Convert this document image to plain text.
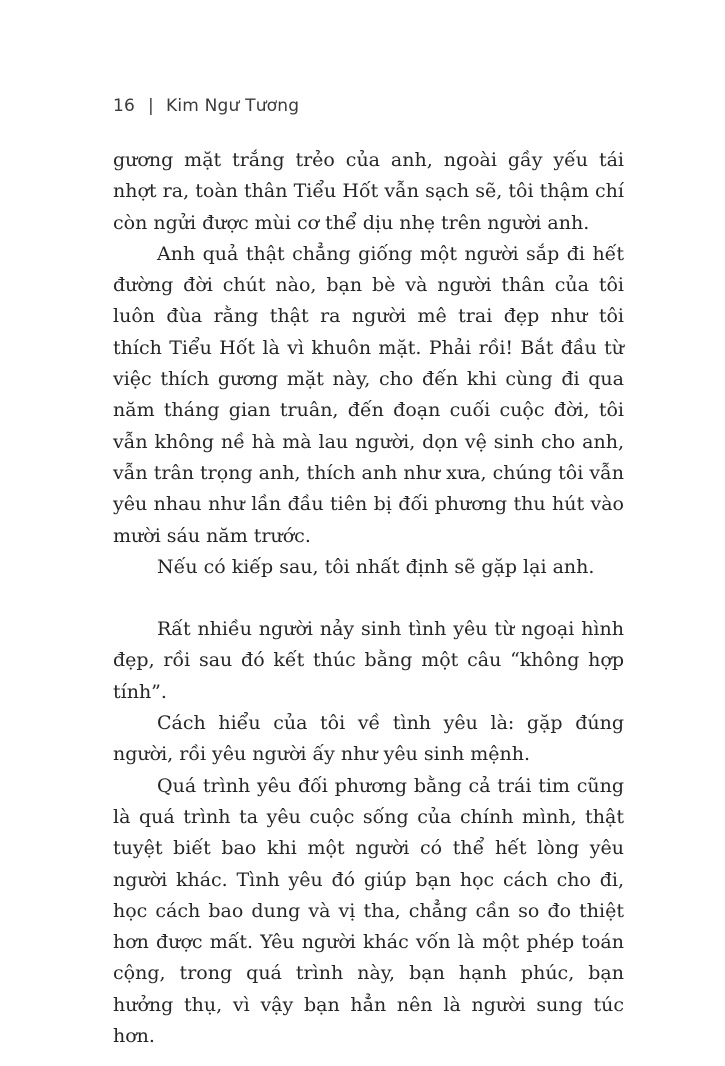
16 | Kim Ngư Tương

gương mặt trắng trẻo của anh, ngoài gầy yếu tái nhợt ra, toàn thân Tiểu Hốt vẫn sạch sẽ, tôi thậm chí còn ngửi được mùi cơ thể dịu nhẹ trên người anh.

Anh quả thật chẳng giống một người sắp đi hết đường đời chút nào, bạn bè và người thân của tôi luôn đùa rằng thật ra người mê trai đẹp như tôi thích Tiểu Hốt là vì khuôn mặt. Phải rồi! Bắt đầu từ việc thích gương mặt này, cho đến khi cùng đi qua năm tháng gian truân, đến đoạn cuối cuộc đời, tôi vẫn không nề hà mà lau người, dọn vệ sinh cho anh, vẫn trân trọng anh, thích anh như xưa, chúng tôi vẫn yêu nhau như lần đầu tiên bị đối phương thu hút vào mười sáu năm trước.

Nếu có kiếp sau, tôi nhất định sẽ gặp lại anh.

Rất nhiều người nảy sinh tình yêu từ ngoại hình đẹp, rồi sau đó kết thúc bằng một câu “không hợp tính”.

Cách hiểu của tôi về tình yêu là: gặp đúng người, rồi yêu người ấy như yêu sinh mệnh.

Quá trình yêu đối phương bằng cả trái tim cũng là quá trình ta yêu cuộc sống của chính mình, thật tuyệt biết bao khi một người có thể hết lòng yêu người khác. Tình yêu đó giúp bạn học cách cho đi, học cách bao dung và vị tha, chẳng cần so đo thiệt hơn được mất. Yêu người khác vốn là một phép toán cộng, trong quá trình này, bạn hạnh phúc, bạn hưởng thụ, vì vậy bạn hẳn nên là người sung túc hơn.
